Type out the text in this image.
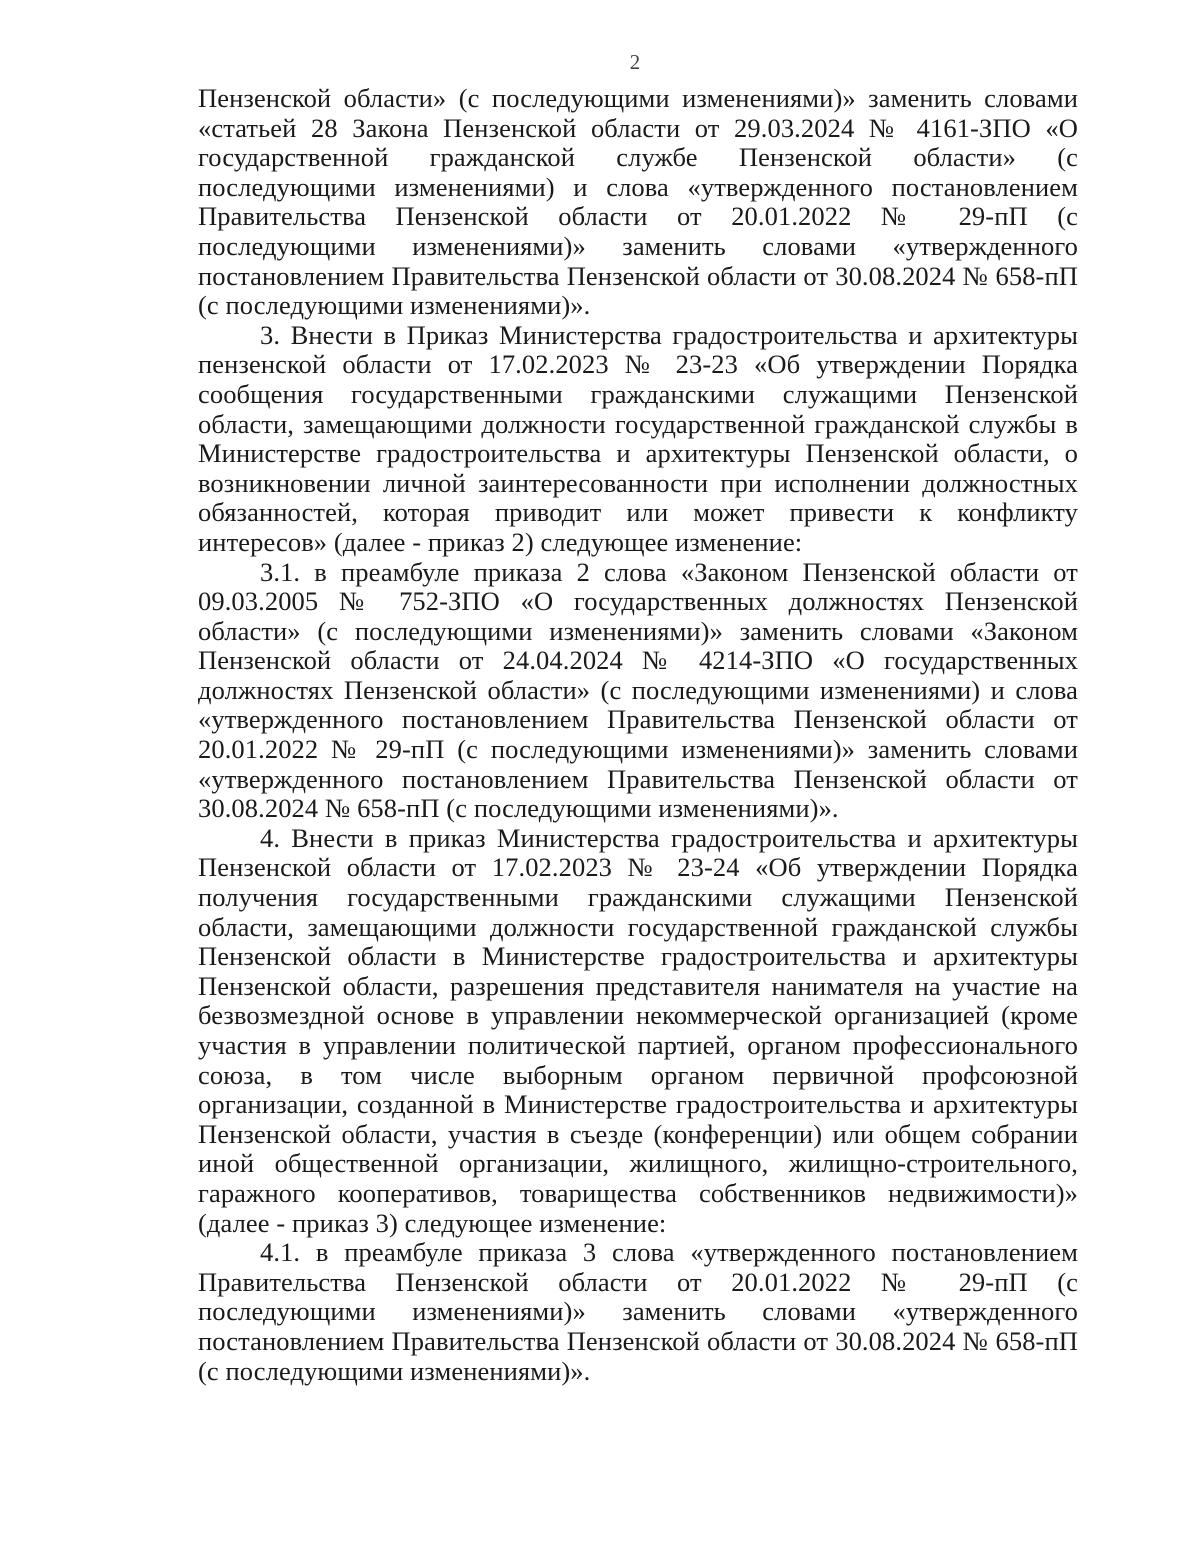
2

Пензенской области» (с последующими изменениями)» заменить словами «статьей 28 Закона Пензенской области от 29.03.2024 № 4161-ЗПО «О государственной гражданской службе Пензенской области» (с последующими изменениями) и слова «утвержденного постановлением Правительства Пензенской области от 20.01.2022 № 29-пП (с последующими изменениями)» заменить словами «утвержденного постановлением Правительства Пензенской области от 30.08.2024 № 658-пП (с последующими изменениями)».

3. Внести в Приказ Министерства градостроительства и архитектуры пензенской области от 17.02.2023 № 23-23 «Об утверждении Порядка сообщения государственными гражданскими служащими Пензенской области, замещающими должности государственной гражданской службы в Министерстве градостроительства и архитектуры Пензенской области, о возникновении личной заинтересованности при исполнении должностных обязанностей, которая приводит или может привести к конфликту интересов» (далее - приказ 2) следующее изменение:

3.1. в преамбуле приказа 2 слова «Законом Пензенской области от 09.03.2005 № 752-ЗПО «О государственных должностях Пензенской области» (с последующими изменениями)» заменить словами «Законом Пензенской области от 24.04.2024 № 4214-ЗПО «О государственных должностях Пензенской области» (с последующими изменениями) и слова «утвержденного постановлением Правительства Пензенской области от 20.01.2022 № 29-пП (с последующими изменениями)» заменить словами «утвержденного постановлением Правительства Пензенской области от 30.08.2024 № 658-пП (с последующими изменениями)».

4. Внести в приказ Министерства градостроительства и архитектуры Пензенской области от 17.02.2023 № 23-24 «Об утверждении Порядка получения государственными гражданскими служащими Пензенской области, замещающими должности государственной гражданской службы Пензенской области в Министерстве градостроительства и архитектуры Пензенской области, разрешения представителя нанимателя на участие на безвозмездной основе в управлении некоммерческой организацией (кроме участия в управлении политической партией, органом профессионального союза, в том числе выборным органом первичной профсоюзной организации, созданной в Министерстве градостроительства и архитектуры Пензенской области, участия в съезде (конференции) или общем собрании иной общественной организации, жилищного, жилищно-строительного, гаражного кооперативов, товарищества собственников недвижимости)» (далее - приказ 3) следующее изменение:

4.1. в преамбуле приказа 3 слова «утвержденного постановлением Правительства Пензенской области от 20.01.2022 № 29-пП (с последующими изменениями)» заменить словами «утвержденного постановлением Правительства Пензенской области от 30.08.2024 № 658-пП (с последующими изменениями)».
